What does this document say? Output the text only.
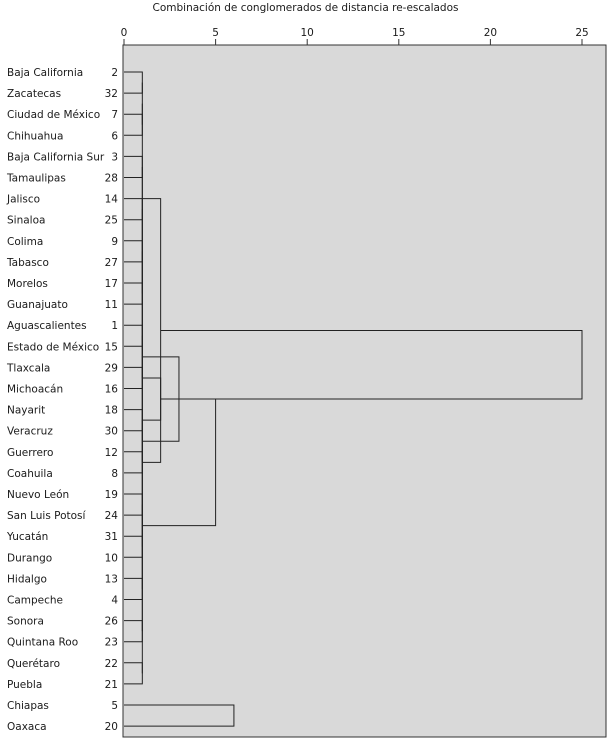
Combinación de conglomerados de distancia re-escalados
0	5	10	15	20	25
Baja California	2
Zacatecas	32
Ciudad de México 7
Chihuahua	6
Baja California Sur 3
Tamaulipas	28
Jalisco	14
Sinaloa	25
Colima	9
Tabasco	27
Morelos	17
Guanajuato	11
Aguascalientes 1
Estado de México 15
Tlaxcala	29
Michoacán	16
Nayarit	18
Veracruz	30
Guerrero	12
Coahuila	8
Nuevo León	19
San Luis Potosí 24
Yucatán	31
Durango	10
Hidalgo	13
Campeche	4
Sonora	26
Quintana Roo	23
Querétaro	22
Puebla	21
Chiapas	5
Oaxaca	20
